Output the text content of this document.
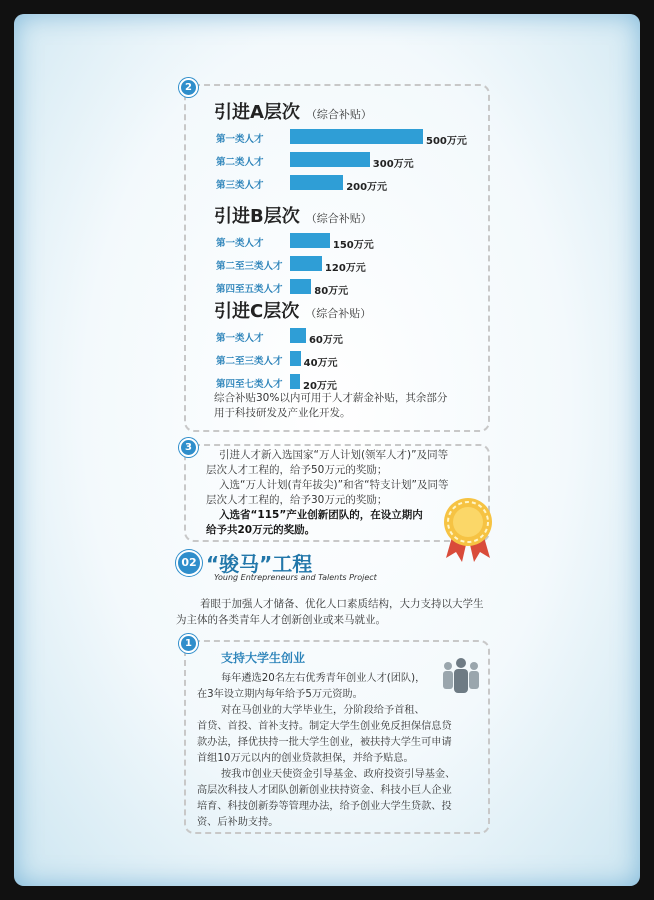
2
引进A层次 （综合补贴）
第一类人才	500万元
第二类人才	300万元
第三类人才	200万元
引进B层次 （综合补贴）
第一类人才	150万元
第二至三类人才	120万元
第四至五类人才	80万元
引进C层次 （综合补贴）
第一类人才	60万元
第二至三类人才 40万元
第四至七类人才 20万元
综合补贴30%以内可用于人才薪金补贴，其余部分
用于科技研发及产业化开发。
3
引进人才新入选国家“万人计划(领军人才)”及同等
层次人才工程的，给予50万元的奖励；
入选“万人计划(青年拔尖)”和省“特支计划”及同等
层次人才工程的，给予30万元的奖励；
入选省“115”产业创新团队的，在设立期内
给予共20万元的奖励。
02 “骏马”工程
Young Entrepreneurs and Talents Project
着眼于加强人才储备、优化人口素质结构，大力支持以大学生
为主体的各类青年人才创新创业或来马就业。
1
支持大学生创业
每年遴选20名左右优秀青年创业人才(团队)，
在3年设立期内每年给予5万元资助。
对在马创业的大学毕业生，分阶段给予首租、
首贷、首投、首补支持。制定大学生创业免反担保信息贷
款办法，择优扶持一批大学生创业，被扶持大学生可申请
首组10万元以内的创业贷款担保，并给予贴息。
按我市创业天使资金引导基金、政府投资引导基金、
高层次科技人才团队创新创业扶持资金、科技小巨人企业
培育、科技创新券等管理办法，给予创业大学生贷款、投
资、后补助支持。
